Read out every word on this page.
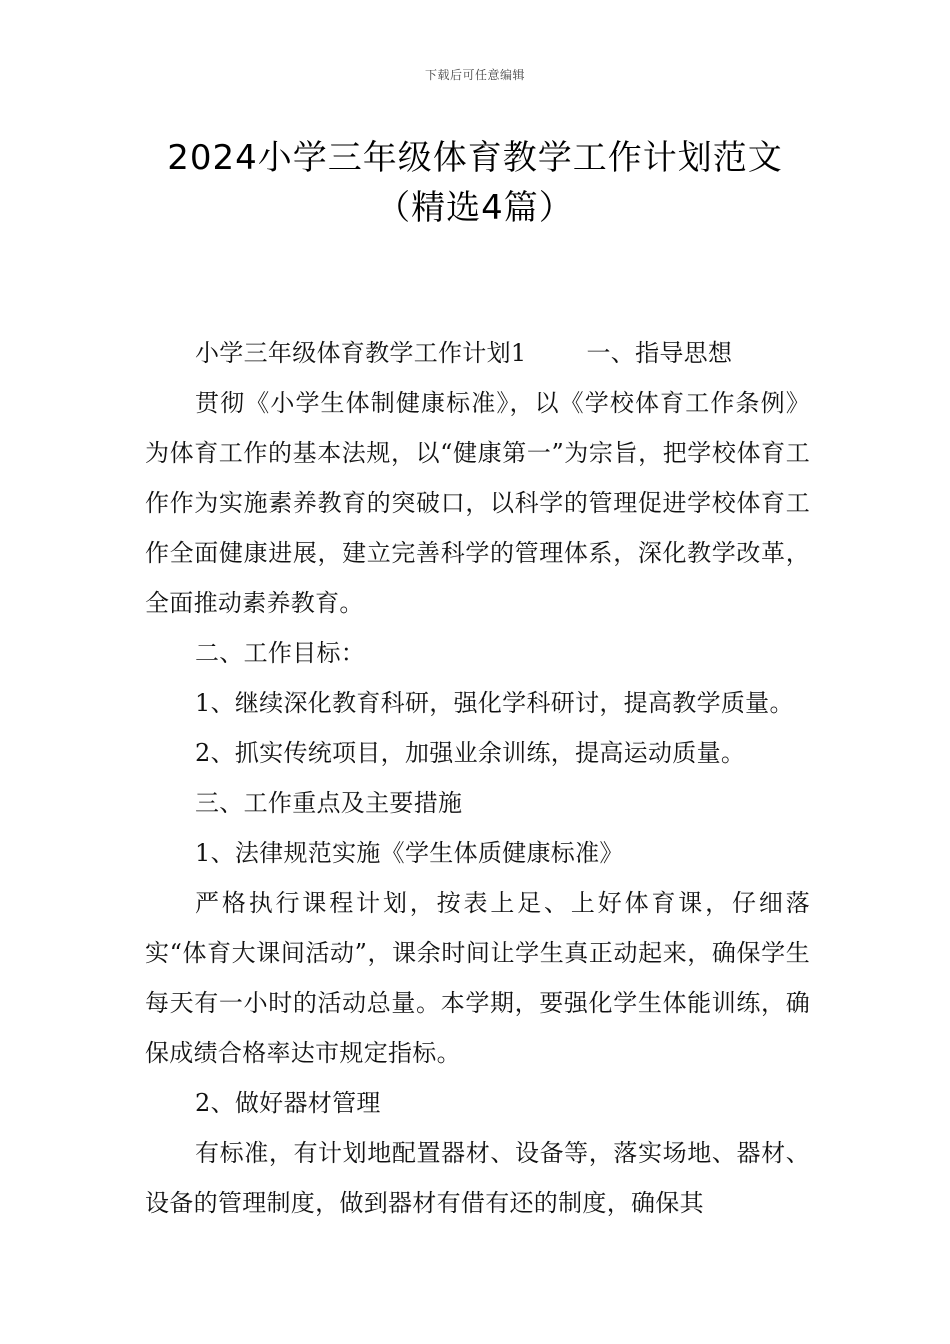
下载后可任意编辑
2024小学三年级体育教学工作计划范文
（精选4篇）

小学三年级体育教学工作计划1	一、指导思想

贯彻《小学生体制健康标准》，以《学校体育工作条例》为体育工作的基本法规，以“健康第一”为宗旨，把学校体育工作作为实施素养教育的突破口，以科学的管理促进学校体育工作全面健康进展，建立完善科学的管理体系，深化教学改革，全面推动素养教育。

二、工作目标：

1、继续深化教育科研，强化学科研讨，提高教学质量。

2、抓实传统项目，加强业余训练，提高运动质量。

三、工作重点及主要措施

1、法律规范实施《学生体质健康标准》

严格执行课程计划，按表上足、上好体育课，仔细落实“体育大课间活动”，课余时间让学生真正动起来，确保学生每天有一小时的活动总量。本学期，要强化学生体能训练，确保成绩合格率达市规定指标。

2、做好器材管理

有标准，有计划地配置器材、设备等，落实场地、器材、设备的管理制度，做到器材有借有还的制度，确保其
